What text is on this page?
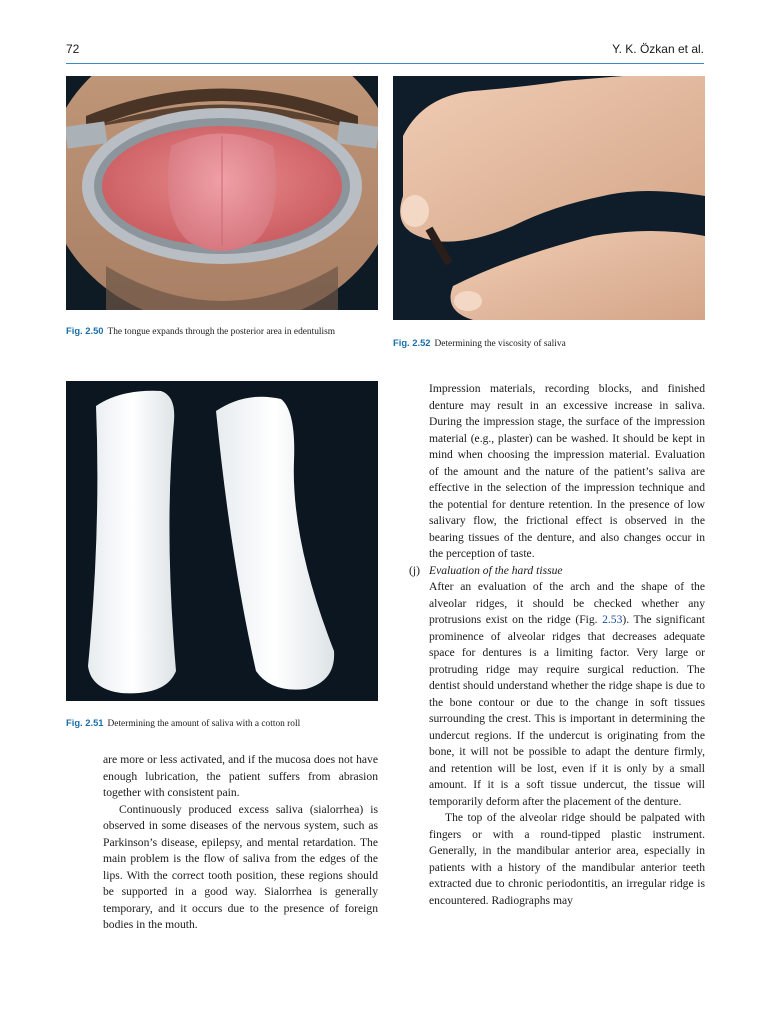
72	Y. K. Özkan et al.
Fig. 2.50 The tongue expands through the posterior area in edentulism
Fig. 2.52 Determining the viscosity of saliva
Fig. 2.51 Determining the amount of saliva with a cotton roll

are more or less activated, and if the mucosa does not have enough lubrication, the patient suffers from abrasion together with consistent pain.

Continuously produced excess saliva (sialorrhea) is observed in some diseases of the nervous system, such as Parkinson’s disease, epilepsy, and mental retardation. The main problem is the flow of saliva from the edges of the lips. With the correct tooth position, these regions should be supported in a good way. Sialorrhea is generally temporary, and it occurs due to the presence of foreign bodies in the mouth.

Impression materials, recording blocks, and finished denture may result in an excessive increase in saliva. During the impression stage, the surface of the impression material (e.g., plaster) can be washed. It should be kept in mind when choosing the impression material. Evaluation of the amount and the nature of the patient’s saliva are effective in the selection of the impression technique and the potential for denture retention. In the presence of low salivary flow, the frictional effect is observed in the bearing tissues of the denture, and also changes occur in the perception of taste.

(j) Evaluation of the hard tissue

After an evaluation of the arch and the shape of the alveolar ridges, it should be checked whether any protrusions exist on the ridge (Fig. 2.53). The significant prominence of alveolar ridges that decreases adequate space for dentures is a limiting factor. Very large or protruding ridge may require surgical reduction. The dentist should understand whether the ridge shape is due to the bone contour or due to the change in soft tissues surrounding the crest. This is important in determining the undercut regions. If the undercut is originating from the bone, it will not be possible to adapt the denture firmly, and retention will be lost, even if it is only by a small amount. If it is a soft tissue undercut, the tissue will temporarily deform after the placement of the denture.

The top of the alveolar ridge should be palpated with fingers or with a round-tipped plastic instrument. Generally, in the mandibular anterior area, especially in patients with a history of the mandibular anterior teeth extracted due to chronic periodontitis, an irregular ridge is encountered. Radiographs may
